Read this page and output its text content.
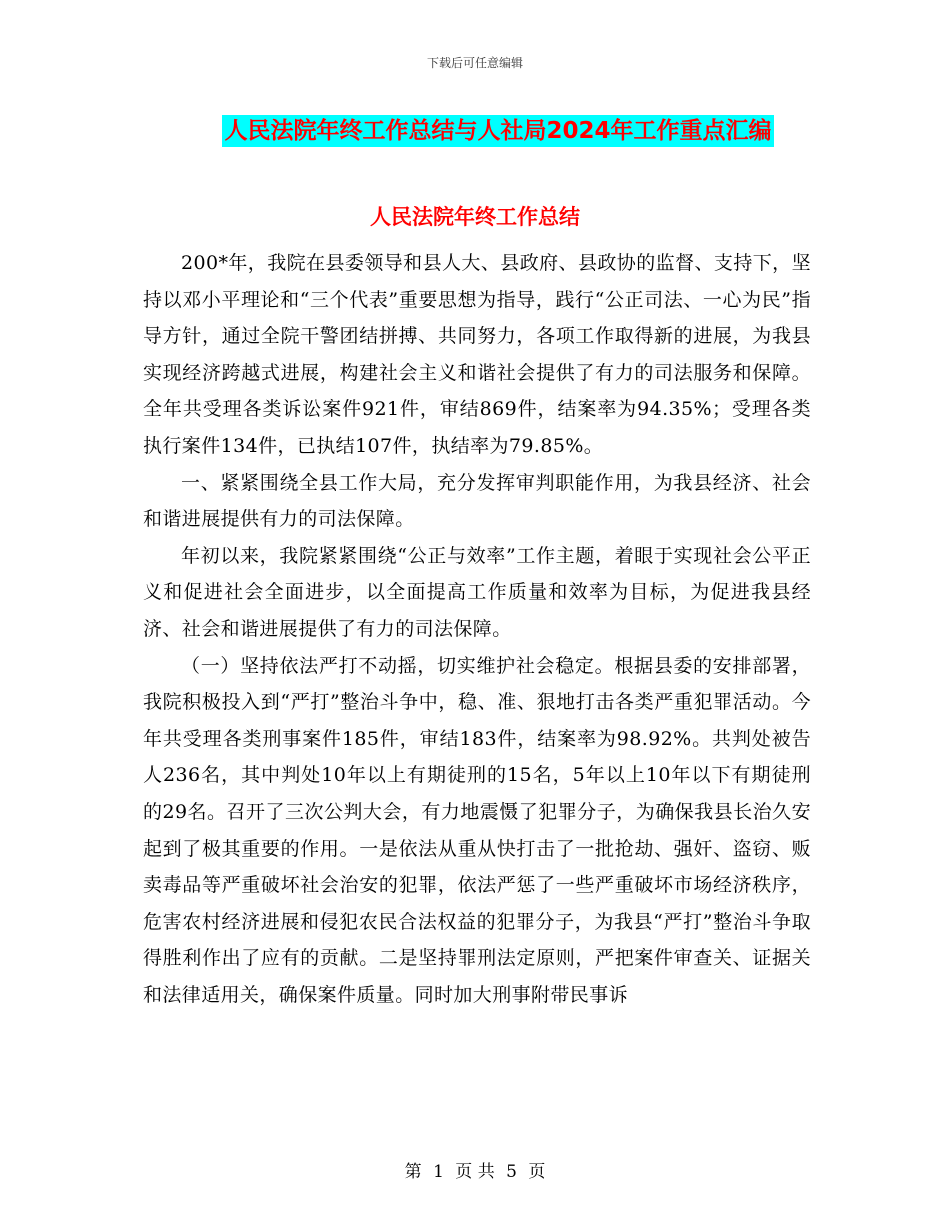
下载后可任意编辑
人民法院年终工作总结与人社局2024年工作重点汇编
人民法院年终工作总结

200*年，我院在县委领导和县人大、县政府、县政协的监督、支持下，坚持以邓小平理论和“三个代表”重要思想为指导，践行“公正司法、一心为民”指导方针，通过全院干警团结拼搏、共同努力，各项工作取得新的进展，为我县实现经济跨越式进展，构建社会主义和谐社会提供了有力的司法服务和保障。全年共受理各类诉讼案件921件，审结869件，结案率为94.35%；受理各类执行案件134件，已执结107件，执结率为79.85%。

一、紧紧围绕全县工作大局，充分发挥审判职能作用，为我县经济、社会和谐进展提供有力的司法保障。

年初以来，我院紧紧围绕“公正与效率”工作主题，着眼于实现社会公平正义和促进社会全面进步，以全面提高工作质量和效率为目标，为促进我县经济、社会和谐进展提供了有力的司法保障。

（一）坚持依法严打不动摇，切实维护社会稳定。根据县委的安排部署，我院积极投入到“严打”整治斗争中，稳、准、狠地打击各类严重犯罪活动。今年共受理各类刑事案件185件，审结183件，结案率为98.92%。共判处被告人236名，其中判处10年以上有期徒刑的15名，5年以上10年以下有期徒刑的29名。召开了三次公判大会，有力地震慑了犯罪分子，为确保我县长治久安起到了极其重要的作用。一是依法从重从快打击了一批抢劫、强奸、盗窃、贩卖毒品等严重破坏社会治安的犯罪，依法严惩了一些严重破坏市场经济秩序，危害农村经济进展和侵犯农民合法权益的犯罪分子，为我县“严打”整治斗争取得胜利作出了应有的贡献。二是坚持罪刑法定原则，严把案件审查关、证据关和法律适用关，确保案件质量。同时加大刑事附带民事诉

第 1 页 共 5 页
